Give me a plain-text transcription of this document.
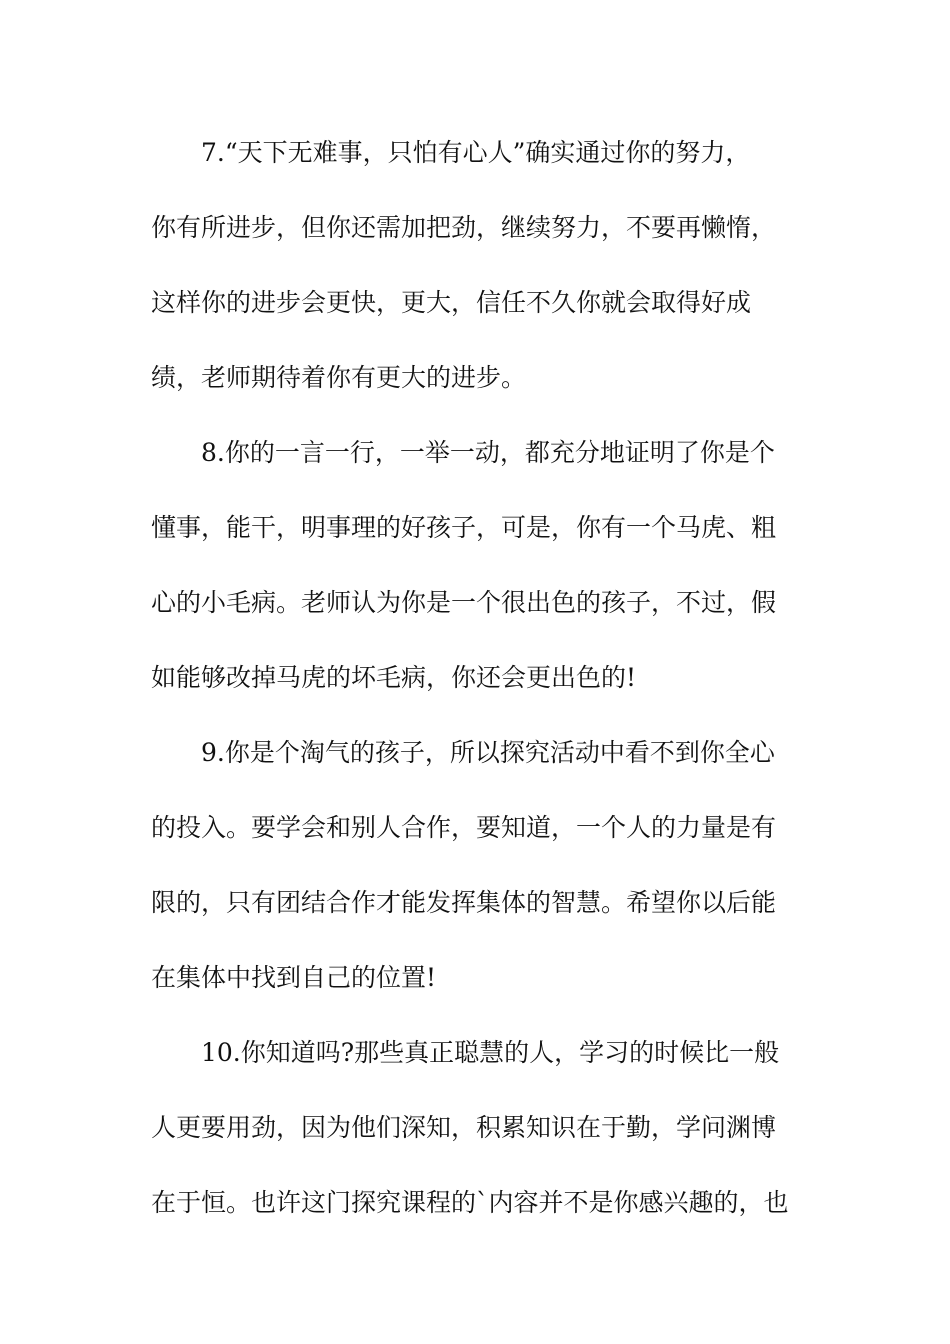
7.“天下无难事，只怕有心人”确实通过你的努力，
你有所进步，但你还需加把劲，继续努力，不要再懒惰，
这样你的进步会更快，更大，信任不久你就会取得好成
绩，老师期待着你有更大的进步。
8.你的一言一行，一举一动，都充分地证明了你是个
懂事，能干，明事理的好孩子，可是，你有一个马虎、粗
心的小毛病。老师认为你是一个很出色的孩子，不过，假
如能够改掉马虎的坏毛病，你还会更出色的!
9.你是个淘气的孩子，所以探究活动中看不到你全心
的投入。要学会和别人合作，要知道，一个人的力量是有
限的，只有团结合作才能发挥集体的智慧。希望你以后能
在集体中找到自己的位置!
10.你知道吗?那些真正聪慧的人，学习的时候比一般
人更要用劲，因为他们深知，积累知识在于勤，学问渊博
在于恒。也许这门探究课程的`内容并不是你感兴趣的，也
